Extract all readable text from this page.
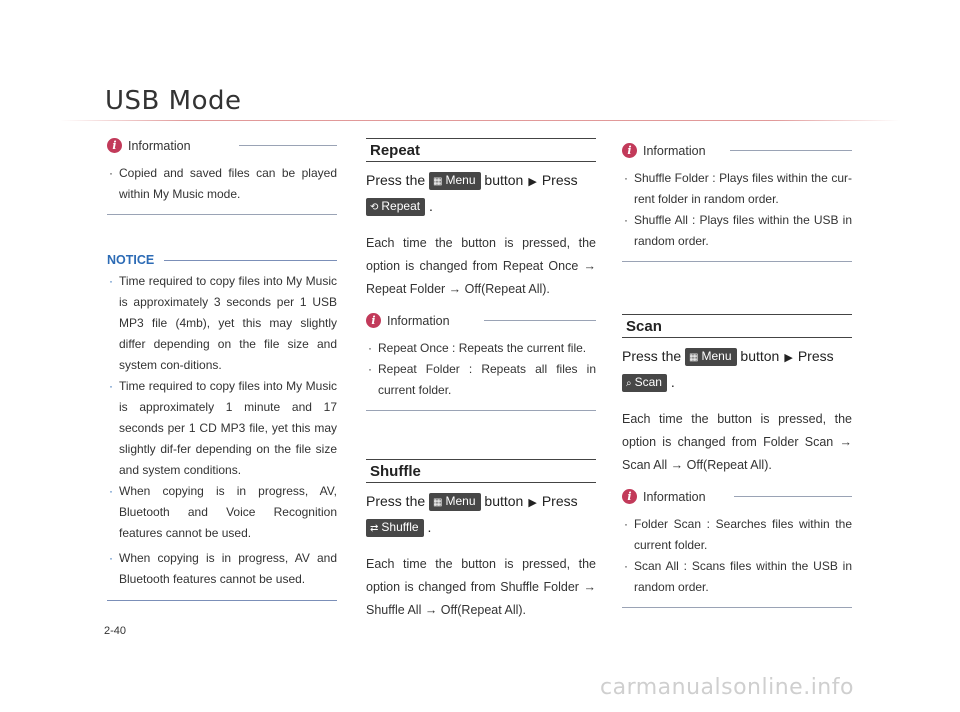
USB Mode
i Information
· Copied and saved files can be played within My Music mode.
NOTICE
· Time required to copy files into My Music is approximately 3 seconds per 1 USB MP3 file (4mb), yet this may slightly differ depending on the file size and system con-ditions.
· Time required to copy files into My Music is approximately 1 minute and 17 seconds per 1 CD MP3 file, yet this may slightly dif-fer depending on the file size and system conditions.
· When copying is in progress, AV, Bluetooth and Voice Recognition features cannot be used.
· When copying is in progress, AV and Bluetooth features cannot be used.
Repeat
Press the ▦ Menu button ▶ Press
⟲ Repeat .
Each time the button is pressed, the option is changed from Repeat Once → Repeat Folder → Off(Repeat All).
i Information
· Repeat Once : Repeats the current file.
· Repeat Folder : Repeats all files in current folder.
Shuffle
Press the ▦ Menu button ▶ Press
⇄ Shuffle .
Each time the button is pressed, the option is changed from Shuffle Folder → Shuffle All → Off(Repeat All).
i Information
· Shuffle Folder : Plays files within the cur-rent folder in random order.
· Shuffle All : Plays files within the USB in random order.
Scan
Press the ▦ Menu button ▶ Press
⌕ Scan .
Each time the button is pressed, the option is changed from Folder Scan → Scan All → Off(Repeat All).
i Information
· Folder Scan : Searches files within the current folder.
· Scan All : Scans files within the USB in random order.
2-40
carmanualsonline.info
